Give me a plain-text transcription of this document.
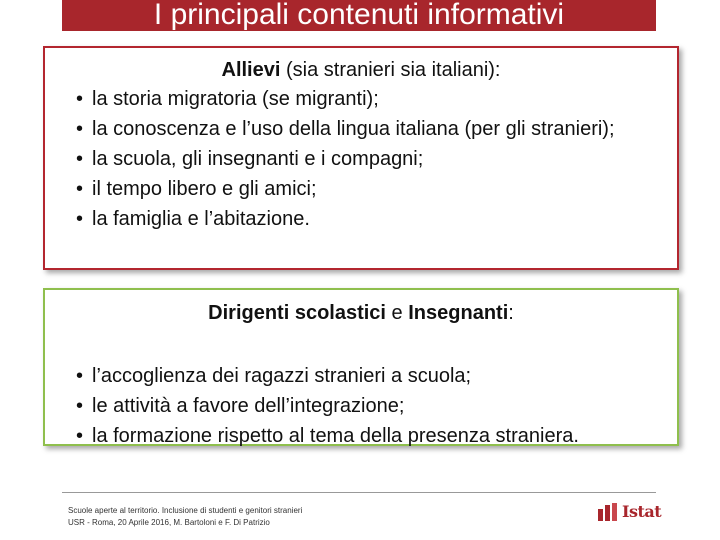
I principali contenuti informativi
Allievi (sia stranieri sia italiani):
• la storia migratoria (se migranti);
• la conoscenza e l’uso della lingua italiana (per gli stranieri);
• la scuola, gli insegnanti e i compagni;
• il tempo libero e gli amici;
• la famiglia e l’abitazione.
Dirigenti scolastici e Insegnanti:
• l’accoglienza dei ragazzi stranieri a scuola;
• le attività a favore dell’integrazione;
• la formazione rispetto al tema della presenza straniera.
Scuole aperte al territorio. Inclusione di studenti e genitori stranieri
USR - Roma, 20 Aprile 2016, M. Bartoloni e F. Di Patrizio
Istat
